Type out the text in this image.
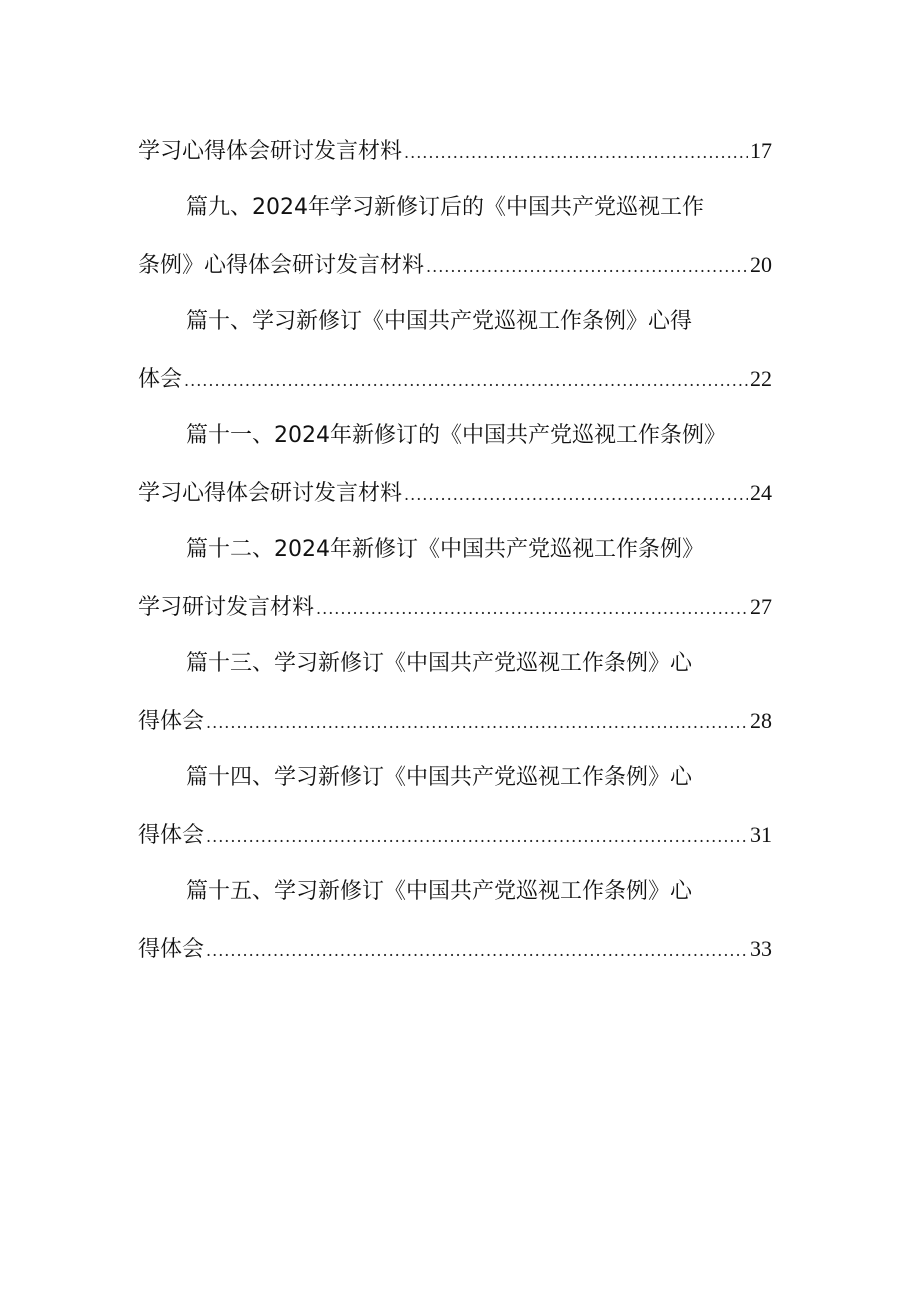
学习心得体会研讨发言材料 .....	17
篇九、2024年学习新修订后的《中国共产党巡视工作
条例》心得体会研讨发言材料 .....	20
篇十、学习新修订《中国共产党巡视工作条例》心得
体会 .....	22
篇十一、2024年新修订的《中国共产党巡视工作条例》
学习心得体会研讨发言材料 .....	24
篇十二、2024年新修订《中国共产党巡视工作条例》
学习研讨发言材料 .....	27
篇十三、学习新修订《中国共产党巡视工作条例》心
得体会 .....	28
篇十四、学习新修订《中国共产党巡视工作条例》心
得体会 .....	31
篇十五、学习新修订《中国共产党巡视工作条例》心
得体会 .....	33
